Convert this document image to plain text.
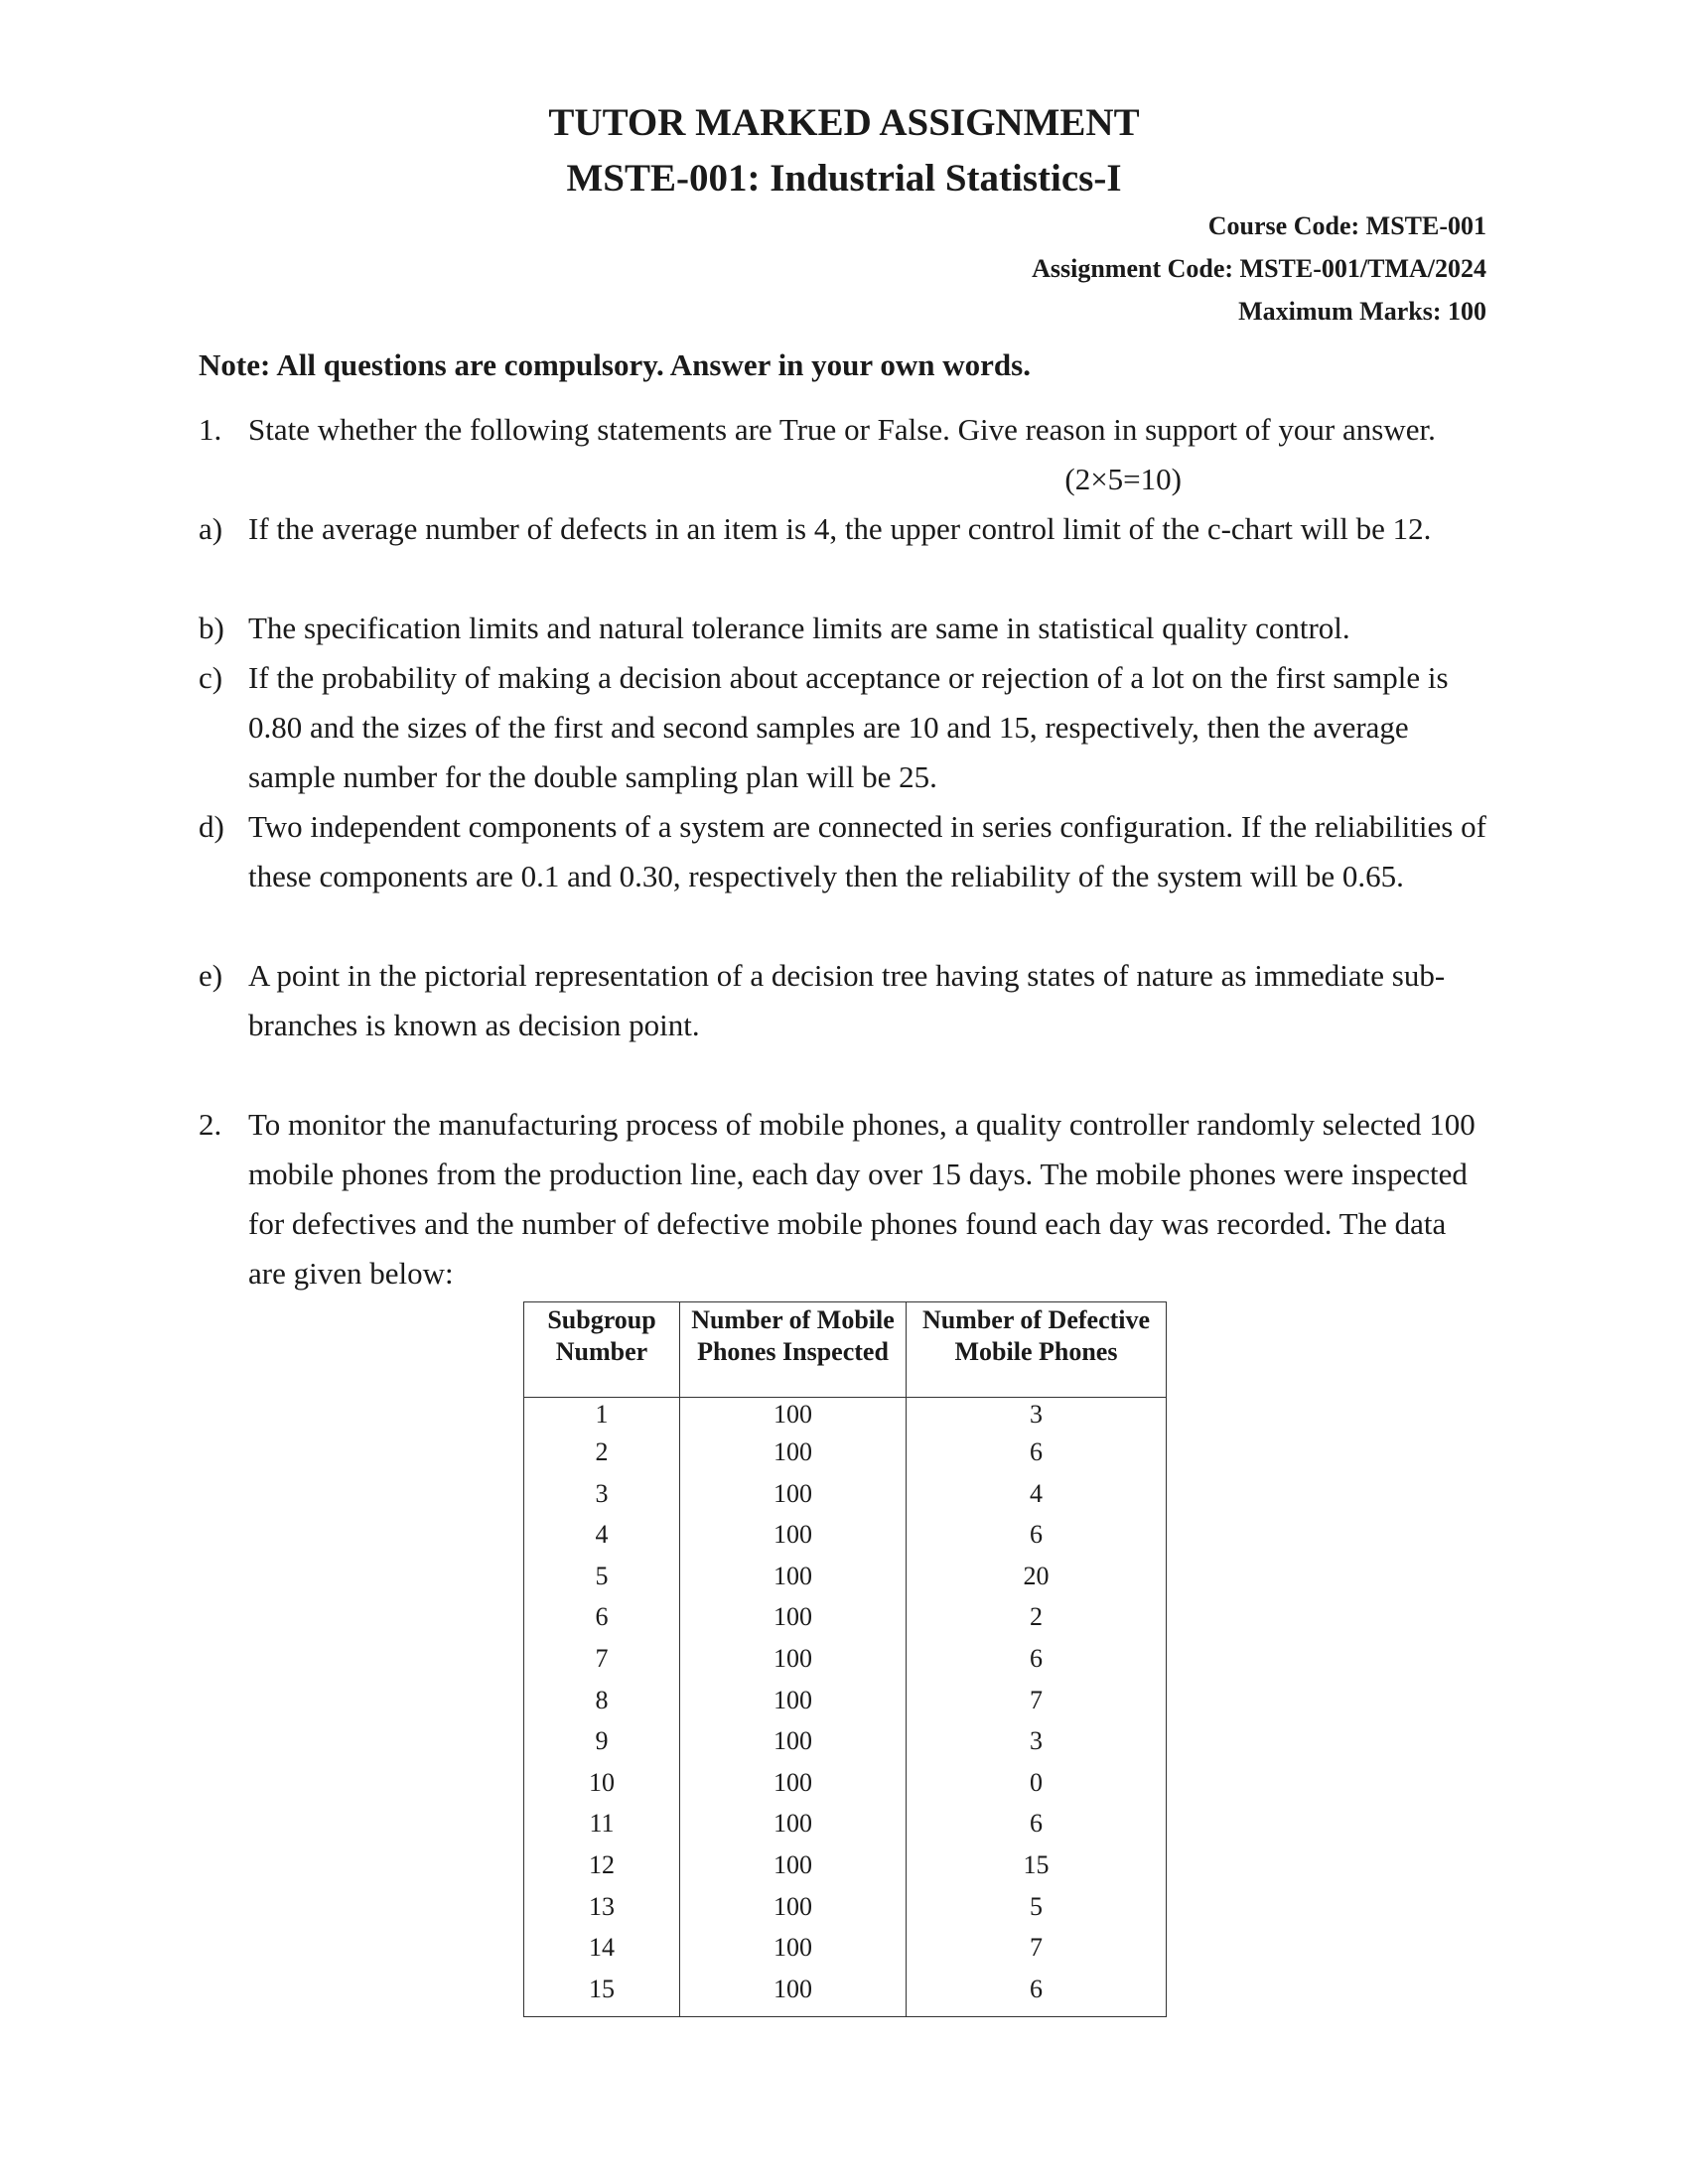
TUTOR MARKED ASSIGNMENT
MSTE-001: Industrial Statistics-I
Course Code: MSTE-001
Assignment Code: MSTE-001/TMA/2024
Maximum Marks: 100
Note: All questions are compulsory. Answer in your own words.
1. State whether the following statements are True or False. Give reason in support of your answer.
(2×5=10)
a) If the average number of defects in an item is 4, the upper control limit of the c-chart will be 12.
b) The specification limits and natural tolerance limits are same in statistical quality control.
c) If the probability of making a decision about acceptance or rejection of a lot on the first sample is 0.80 and the sizes of the first and second samples are 10 and 15, respectively, then the average sample number for the double sampling plan will be 25.
d) Two independent components of a system are connected in series configuration. If the reliabilities of these components are 0.1 and 0.30, respectively then the reliability of the system will be 0.65.
e) A point in the pictorial representation of a decision tree having states of nature as immediate sub-branches is known as decision point.
2. To monitor the manufacturing process of mobile phones, a quality controller randomly selected 100 mobile phones from the production line, each day over 15 days. The mobile phones were inspected for defectives and the number of defective mobile phones found each day was recorded. The data are given below:
Subgroup Number	Number of Mobile Phones Inspected	Number of Defective Mobile Phones
1	100	3
2	100	6
3	100	4
4	100	6
5	100	20
6	100	2
7	100	6
8	100	7
9	100	3
10	100	0
11	100	6
12	100	15
13	100	5
14	100	7
15	100	6
